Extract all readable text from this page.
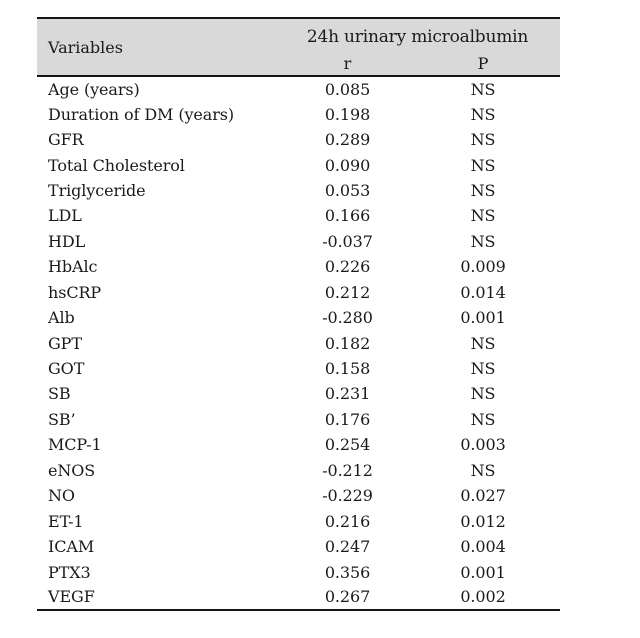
Variables	24h urinary microalbumin	
	r	P
Age (years)	0.085	NS
Duration of DM (years)	0.198	NS
GFR	0.289	NS
Total Cholesterol	0.090	NS
Triglyceride	0.053	NS
LDL	0.166	NS
HDL	-0.037	NS
HbAlc	0.226	0.009
hsCRP	0.212	0.014
Alb	-0.280	0.001
GPT	0.182	NS
GOT	0.158	NS
SB	0.231	NS
SB’	0.176	NS
MCP-1	0.254	0.003
eNOS	-0.212	NS
NO	-0.229	0.027
ET-1	0.216	0.012
ICAM	0.247	0.004
PTX3	0.356	0.001
VEGF	0.267	0.002
